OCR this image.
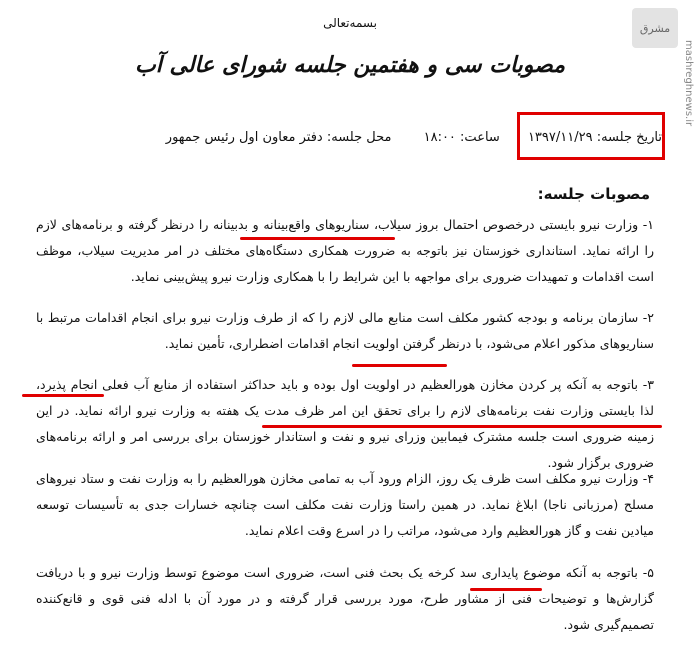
مشرق
mashreghnews.ir
بسمه‌تعالی
مصوبات سی و هفتمین جلسه شورای عالی آب
تاریخ جلسه: ۱۳۹۷/۱۱/۲۹ ساعت: ۱۸:۰۰ محل جلسه: دفتر معاون اول رئیس جمهور
مصوبات جلسه:
۱- وزارت نیرو بایستی درخصوص احتمال بروز سیلاب، سناریوهای واقع‌بینانه و بدبینانه را درنظر گرفته و برنامه‌های لازم را ارائه نماید. استانداری خوزستان نیز باتوجه به ضرورت همکاری دستگاه‌های مختلف در امر مدیریت سیلاب، موظف است اقدامات و تمهیدات ضروری برای مواجهه با این شرایط را با همکاری وزارت نیرو پیش‌بینی نماید.
۲- سازمان برنامه و بودجه کشور مکلف است منابع مالی لازم را که از طرف وزارت نیرو برای انجام اقدامات مرتبط با سناریوهای مذکور اعلام می‌شود، با درنظر گرفتن اولویت انجام اقدامات اضطراری، تأمین نماید.
۳- باتوجه به آنکه پر کردن مخازن هورالعظیم در اولویت اول بوده و باید حداکثر استفاده از منابع آب فعلی انجام پذیرد، لذا بایستی وزارت نفت برنامه‌های لازم را برای تحقق این امر ظرف مدت یک هفته به وزارت نیرو ارائه نماید. در این زمینه ضروری است جلسه مشترک فیمابین وزرای نیرو و نفت و استاندار خوزستان برای بررسی امر و ارائه برنامه‌های ضروری برگزار شود.
۴- وزارت نیرو مکلف است ظرف یک روز، الزام ورود آب به تمامی مخازن هورالعظیم را به وزارت نفت و ستاد نیروهای مسلح (مرزبانی ناجا) ابلاغ نماید. در همین راستا وزارت نفت مکلف است چنانچه خسارات جدی به تأسیسات توسعه میادین نفت و گاز هورالعظیم وارد می‌شود، مراتب را در اسرع وقت اعلام نماید.
۵- باتوجه به آنکه موضوع پایداری سد کرخه یک بحث فنی است، ضروری است موضوع توسط وزارت نیرو و با دریافت گزارش‌ها و توضیحات فنی از مشاور طرح، مورد بررسی قرار گرفته و در مورد آن با ادله فنی قوی و قانع‌کننده تصمیم‌گیری شود.
